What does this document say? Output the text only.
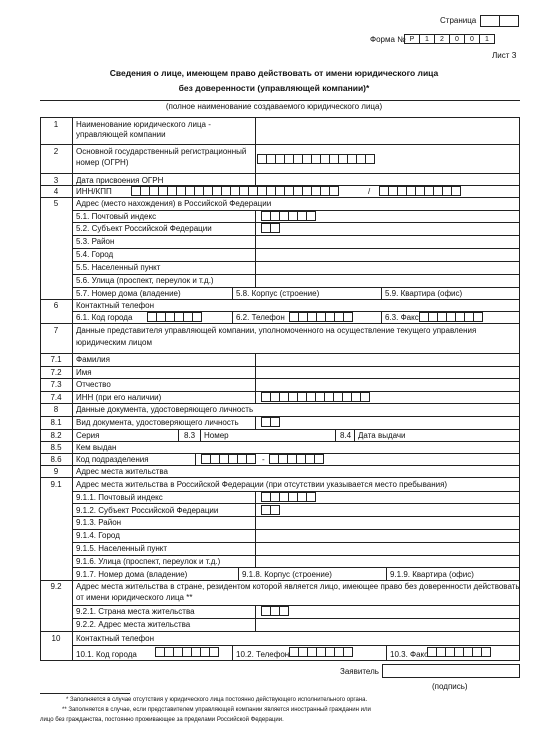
Страница
Форма № Р	1	2	0	0	1
Лист З
Сведения о лице, имеющем право действовать от имени юридического лица
без доверенности (управляющей компании)*
(полное наименование создаваемого юридического лица)
1	Наименование юридического лица -
управляющей компании
2	Основной государственный регистрационный
номер (ОГРН)
3	Дата присвоения ОГРН
4	ИНН/КПП	/
5	Адрес (место нахождения) в Российской Федерации
5.1. Почтовый индекс
5.2. Субъект Российской Федерации
5.3. Район
5.4. Город
5.5. Населенный пункт
5.6. Улица (проспект, переулок и т.д.)
5.7. Номер дома (владение)	5.8. Корпус (строение)	5.9. Квартира (офис)
6	Контактный телефон
6.1. Код города	6.2. Телефон	6.3. Факс
7	Данные представителя управляющей компании, уполномоченного на осуществление текущего управления
юридическим лицом
7.1	Фамилия
7.2	Имя
7.3	Отчество
7.4	ИНН (при его наличии)
8	Данные документа, удостоверяющего личность
8.1	Вид документа, удостоверяющего личность
8.2	Серия	8.3 Номер	8.4 Дата выдачи
8.5	Кем выдан
8.6	Код подразделения	-
9	Адрес места жительства
9.1	Адрес места жительства в Российской Федерации (при отсутствии указывается место пребывания)
9.1.1. Почтовый индекс
9.1.2. Субъект Российской Федерации
9.1.3. Район
9.1.4. Город
9.1.5. Населенный пункт
9.1.6. Улица (проспект, переулок и т.д.)
9.1.7. Номер дома (владение)	9.1.8. Корпус (строение)	9.1.9. Квартира (офис)
9.2	Адрес места жительства в стране, резидентом которой является лицо, имеющее право без доверенности действовать
от имени юридического лица **
9.2.1. Страна места жительства
9.2.2. Адрес места жительства
10	Контактный телефон
10.1. Код города	10.2. Телефон	10.3. Факс
Заявитель
(подпись)
* Заполняется в случае отсутствия у юридического лица постоянно действующего исполнительного органа.
** Заполняется в случае, если представителем управляющей компании является иностранный гражданин или
лицо без гражданства, постоянно проживающее за пределами Российской Федерации.
